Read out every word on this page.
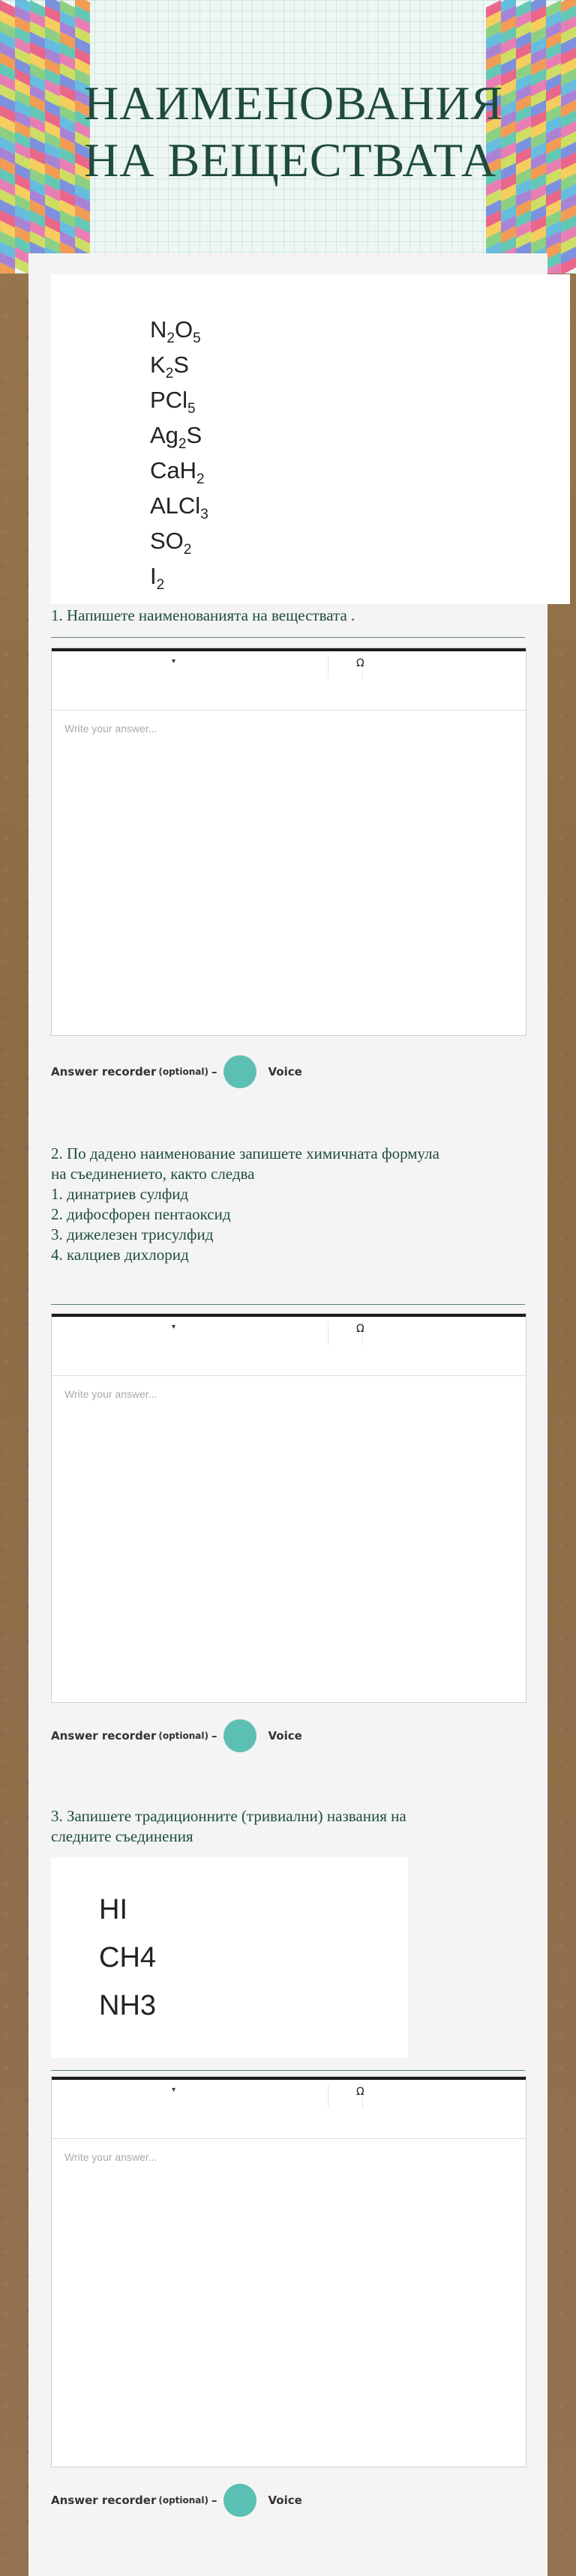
НАИМЕНОВАНИЯ
НА ВЕЩЕСТВАТА
$N_2O_5$
$K_2S$
PCl$_5$
$Ag_2S$
CaH$_2$
ALCl$_3$
$SO_2$
$I_2$
1. Напишете наименованията на веществата .
▾	Ω
Write your answer...
Answer recorder (optional) –	Voice
2. По дадено наименование запишете химичната формула
на съединението, както следва
1. динатриев сулфид
2. дифосфорен пентаоксид
3. дижелезен трисулфид
4. калциев дихлорид
▾	Ω
Write your answer...
Answer recorder (optional) –	Voice
3. Запишете традиционните (тривиални) названия на
следните съединения
HI
CH4
NH3
▾	Ω
Write your answer...
Answer recorder (optional) –	Voice
